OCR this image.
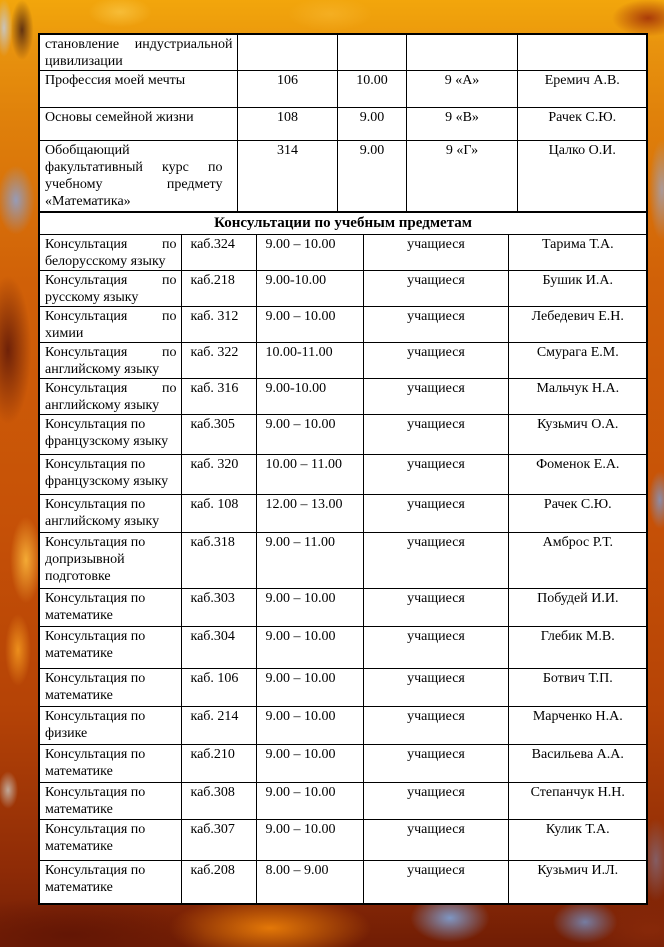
становление индустриальной цивилизации				
Профессия моей мечты	106	10.00	9 «А»	Еремич А.В.
Основы семейной жизни	108	9.00	9 «В»	Рачек С.Ю.
Обобщающий факультативный курс по учебному предмету «Математика»	314	9.00	9 «Г»	Цалко О.И.
Консультации по учебным предметам				
Консультация по белорусскому языку	каб.324	9.00 – 10.00	учащиеся	Тарима Т.А.
Консультация по русскому языку	каб.218	9.00-10.00	учащиеся	Бушик И.А.
Консультация по химии	каб. 312	9.00 – 10.00	учащиеся	Лебедевич Е.Н.
Консультация по английскому языку	каб. 322	10.00-11.00	учащиеся	Смурага Е.М.
Консультация по английскому языку	каб. 316	9.00-10.00	учащиеся	Мальчук Н.А.
Консультация по французскому языку	каб.305	9.00 – 10.00	учащиеся	Кузьмич О.А.
Консультация по французскому языку	каб. 320	10.00 – 11.00	учащиеся	Фоменок Е.А.
Консультация по английскому языку	каб. 108	12.00 – 13.00	учащиеся	Рачек С.Ю.
Консультация по допризывной подготовке	каб.318	9.00 – 11.00	учащиеся	Амброс Р.Т.
Консультация по математике	каб.303	9.00 – 10.00	учащиеся	Побудей И.И.
Консультация по математике	каб.304	9.00 – 10.00	учащиеся	Глебик М.В.
Консультация по математике	каб. 106	9.00 – 10.00	учащиеся	Ботвич Т.П.
Консультация по физике	каб. 214	9.00 – 10.00	учащиеся	Марченко Н.А.
Консультация по математике	каб.210	9.00 – 10.00	учащиеся	Васильева А.А.
Консультация по математике	каб.308	9.00 – 10.00	учащиеся	Степанчук Н.Н.
Консультация по математике	каб.307	9.00 – 10.00	учащиеся	Кулик Т.А.
Консультация по математике	каб.208	8.00 – 9.00	учащиеся	Кузьмич И.Л.
